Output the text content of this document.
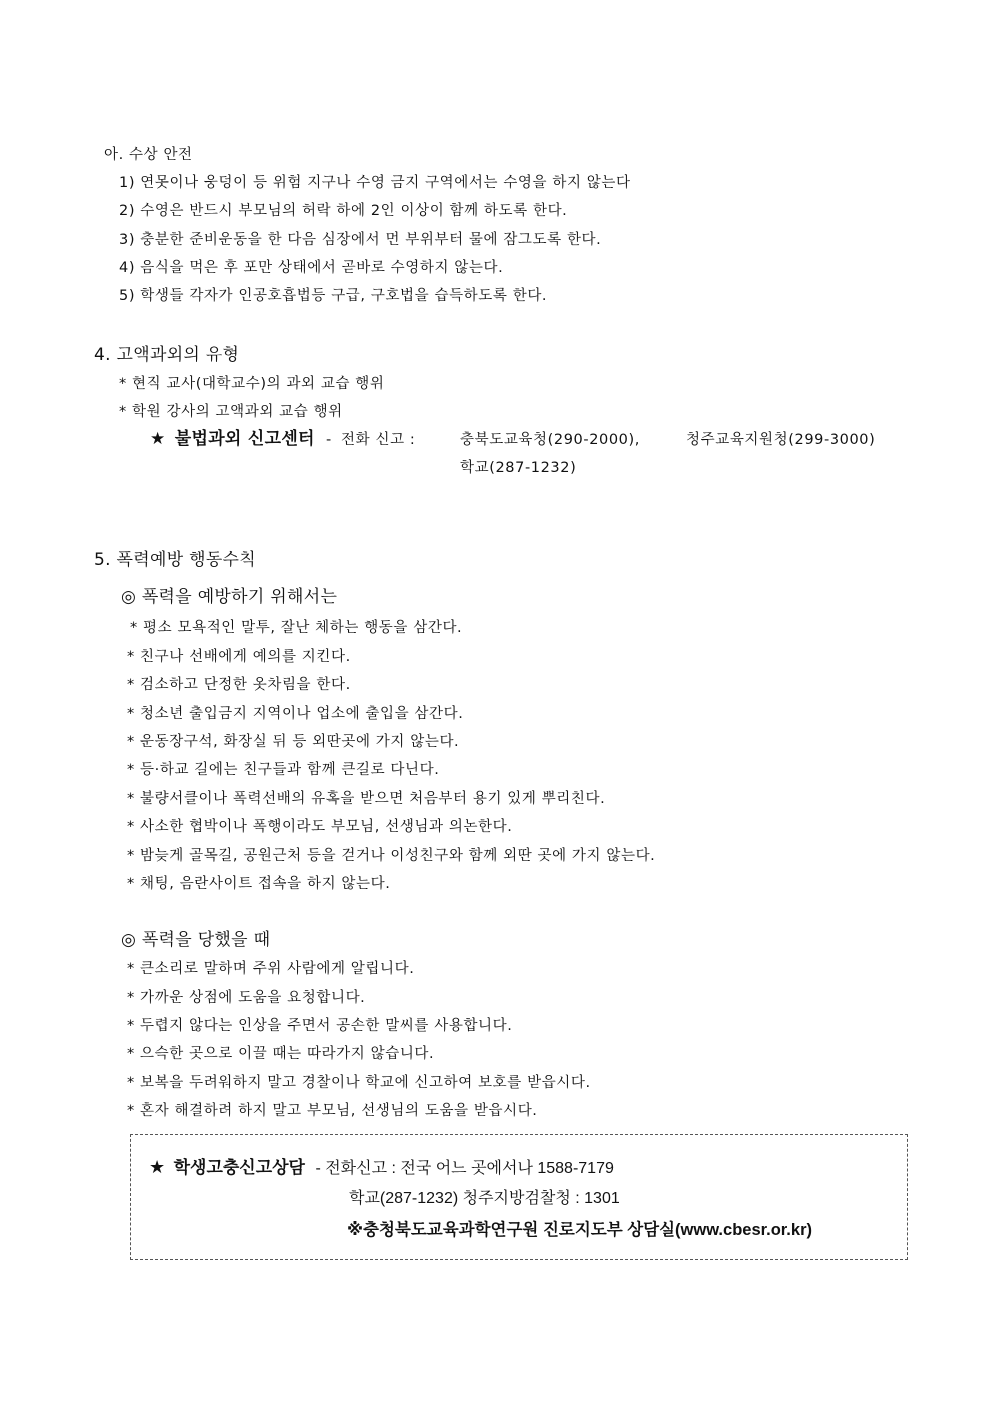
아. 수상 안전
1) 연못이나 웅덩이 등 위험 지구나 수영 금지 구역에서는 수영을 하지 않는다
2) 수영은 반드시 부모님의 허락 하에 2인 이상이 함께 하도록 한다.
3) 충분한 준비운동을 한 다음 심장에서 먼 부위부터 물에 잠그도록 한다.
4) 음식을 먹은 후 포만 상태에서 곧바로 수영하지 않는다.
5) 학생들 각자가 인공호흡법등 구급, 구호법을 습득하도록 한다.
4. 고액과외의 유형
* 현직 교사(대학교수)의 과외 교습 행위
* 학원 강사의 고액과외 교습 행위
★ 불법과외 신고센터 - 전화 신고 :	충북도교육청(290-2000),	청주교육지원청(299-3000)
학교(287-1232)
5. 폭력예방 행동수칙
◎ 폭력을 예방하기 위해서는
* 평소 모욕적인 말투, 잘난 체하는 행동을 삼간다.
* 친구나 선배에게 예의를 지킨다.
* 검소하고 단정한 옷차림을 한다.
* 청소년 출입금지 지역이나 업소에 출입을 삼간다.
* 운동장구석, 화장실 뒤 등 외딴곳에 가지 않는다.
* 등·하교 길에는 친구들과 함께 큰길로 다닌다.
* 불량서클이나 폭력선배의 유혹을 받으면 처음부터 용기 있게 뿌리친다.
* 사소한 협박이나 폭행이라도 부모님, 선생님과 의논한다.
* 밤늦게 골목길, 공원근처 등을 걷거나 이성친구와 함께 외딴 곳에 가지 않는다.
* 채팅, 음란사이트 접속을 하지 않는다.
◎ 폭력을 당했을 때
* 큰소리로 말하며 주위 사람에게 알립니다.
* 가까운 상점에 도움을 요청합니다.
* 두렵지 않다는 인상을 주면서 공손한 말씨를 사용합니다.
* 으슥한 곳으로 이끌 때는 따라가지 않습니다.
* 보복을 두려워하지 말고 경찰이나 학교에 신고하여 보호를 받읍시다.
* 혼자 해결하려 하지 말고 부모님, 선생님의 도움을 받읍시다.
★ 학생고충신고상담 - 전화신고 : 전국 어느 곳에서나 1588-7179
학교(287-1232) 청주지방검찰청 : 1301
※충청북도교육과학연구원 진로지도부 상담실(www.cbesr.or.kr)
